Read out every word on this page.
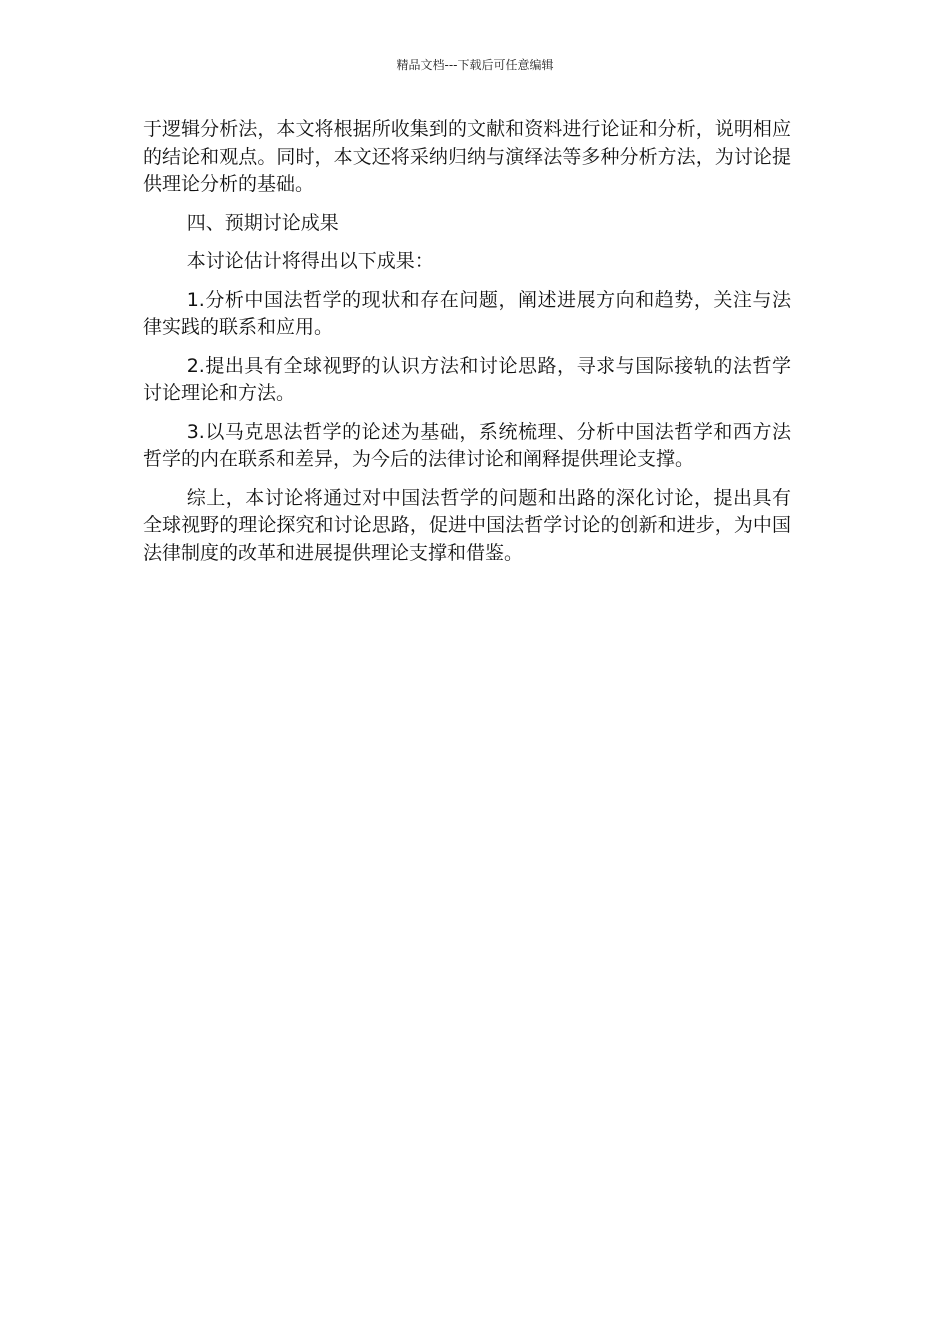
精品文档---下载后可任意编辑

于逻辑分析法，本文将根据所收集到的文献和资料进行论证和分析，说明相应的结论和观点。同时，本文还将采纳归纳与演绎法等多种分析方法，为讨论提供理论分析的基础。

四、预期讨论成果

本讨论估计将得出以下成果：

1.分析中国法哲学的现状和存在问题，阐述进展方向和趋势，关注与法律实践的联系和应用。

2.提出具有全球视野的认识方法和讨论思路，寻求与国际接轨的法哲学讨论理论和方法。

3.以马克思法哲学的论述为基础，系统梳理、分析中国法哲学和西方法哲学的内在联系和差异，为今后的法律讨论和阐释提供理论支撑。

综上，本讨论将通过对中国法哲学的问题和出路的深化讨论，提出具有全球视野的理论探究和讨论思路，促进中国法哲学讨论的创新和进步，为中国法律制度的改革和进展提供理论支撑和借鉴。
